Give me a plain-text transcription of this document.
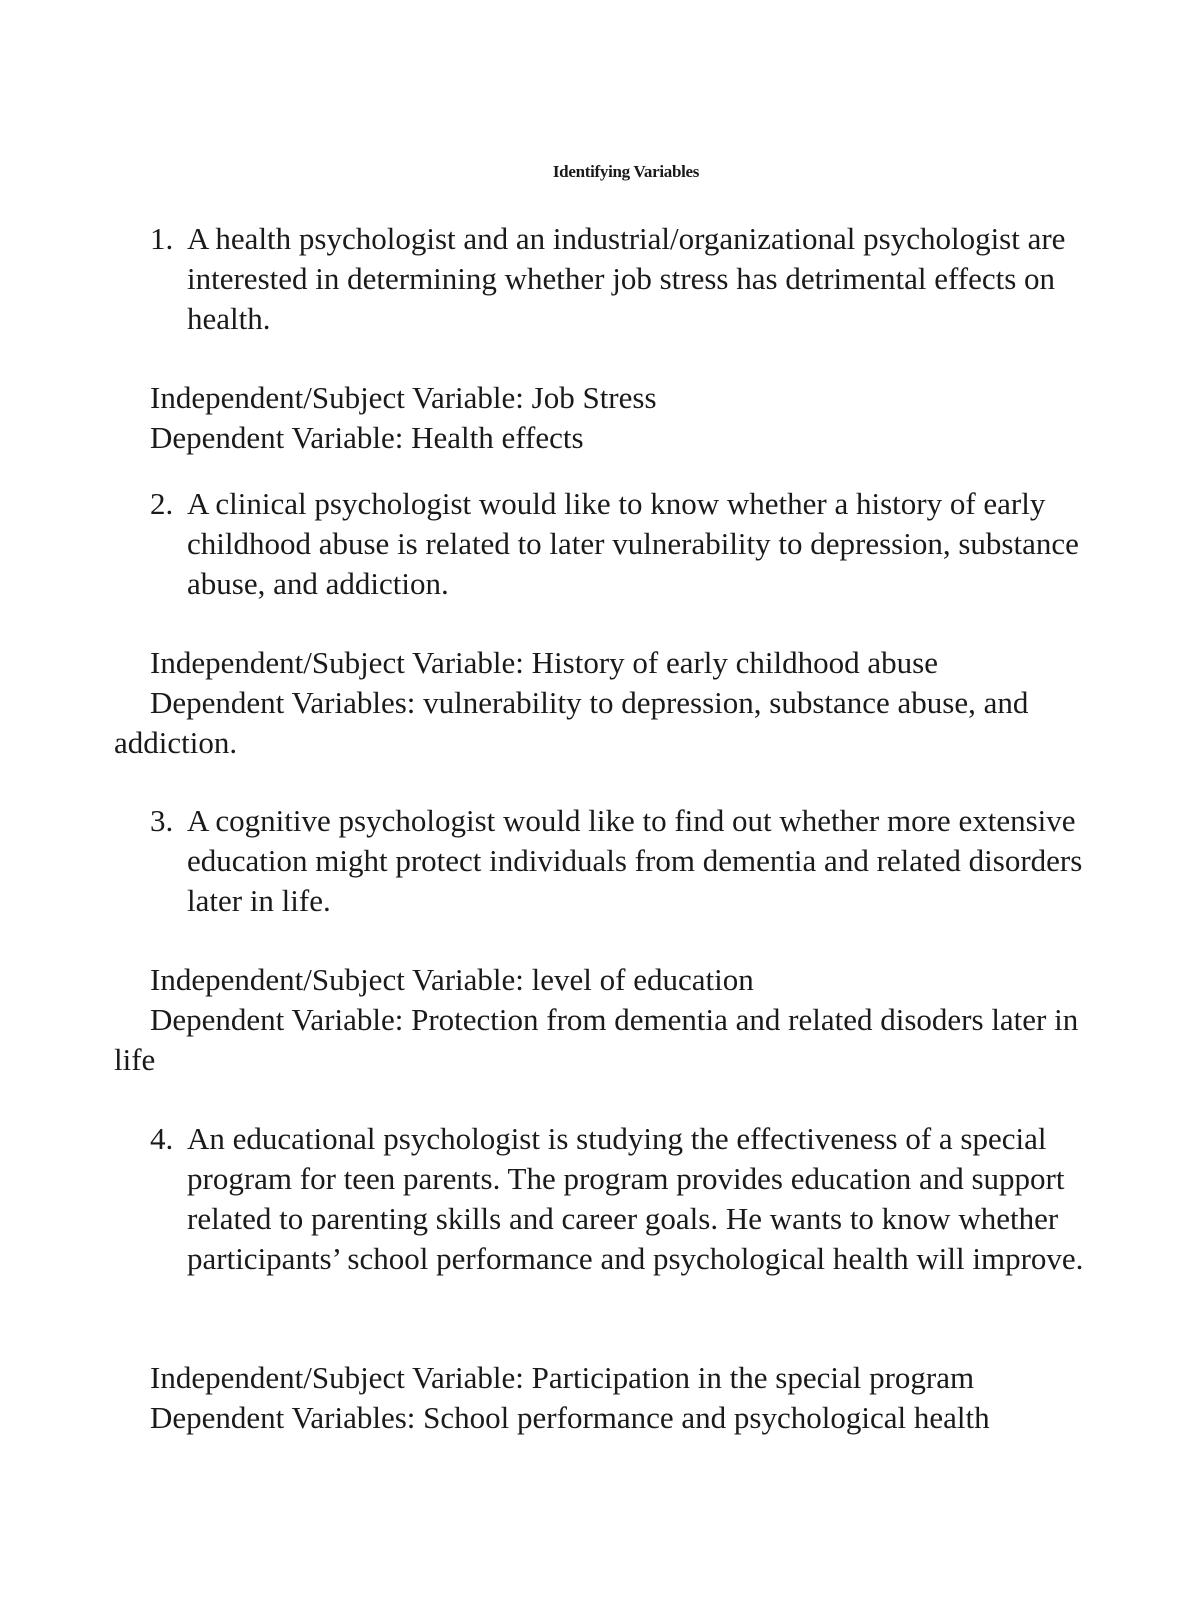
Identifying Variables
1. A health psychologist and an industrial/organizational psychologist are interested in determining whether job stress has detrimental effects on health.
Independent/Subject Variable: Job Stress
Dependent Variable: Health effects
2. A clinical psychologist would like to know whether a history of early childhood abuse is related to later vulnerability to depression, substance abuse, and addiction.
Independent/Subject Variable: History of early childhood abuse
Dependent Variables: vulnerability to depression, substance abuse, and addiction.
3. A cognitive psychologist would like to find out whether more extensive education might protect individuals from dementia and related disorders later in life.
Independent/Subject Variable: level of education
Dependent Variable: Protection from dementia and related disoders later in life
4. An educational psychologist is studying the effectiveness of a special program for teen parents. The program provides education and support related to parenting skills and career goals. He wants to know whether participants’ school performance and psychological health will improve.
Independent/Subject Variable: Participation in the special program
Dependent Variables: School performance and psychological health
